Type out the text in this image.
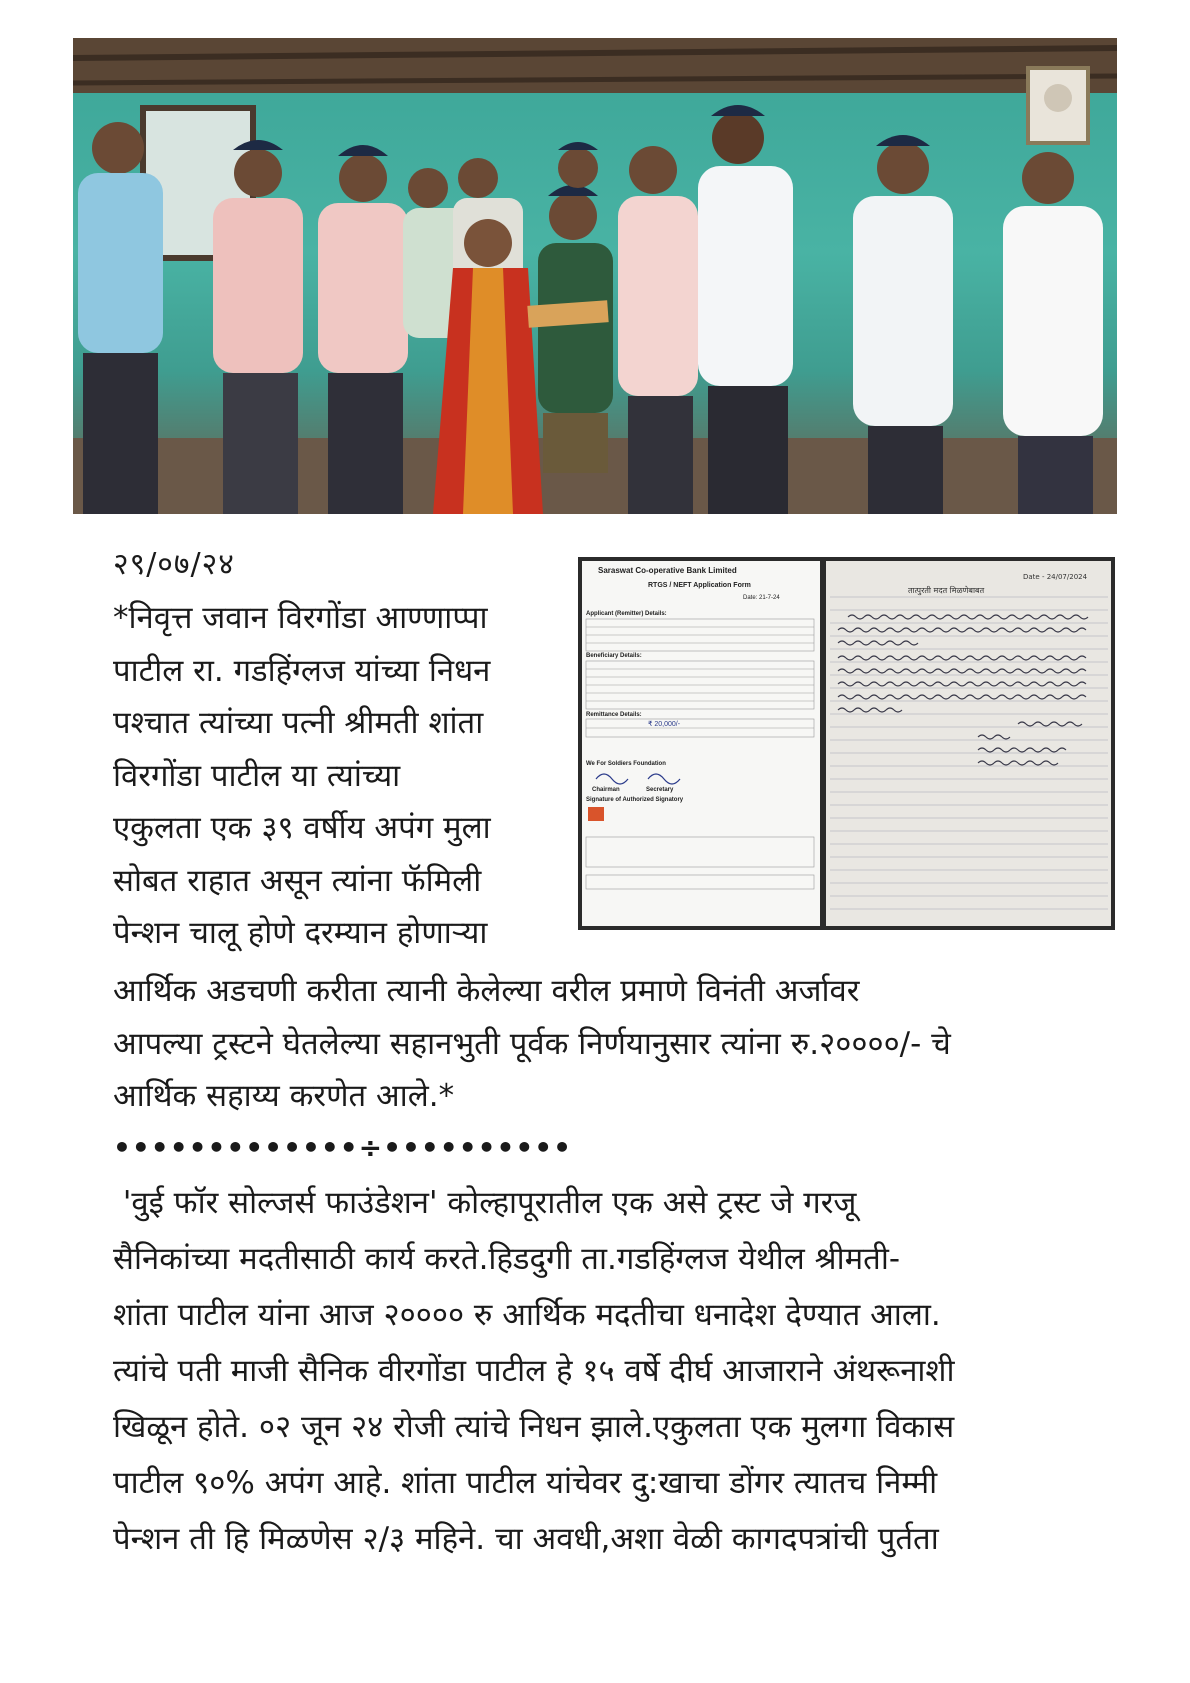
२९/०७/२४
*निवृत्त जवान विरगोंडा आण्णाप्पा
पाटील रा. गडहिंग्लज यांच्या निधन
पश्चात त्यांच्या पत्नी श्रीमती शांता
विरगोंडा पाटील या त्यांच्या
एकुलता एक ३९ वर्षीय अपंग मुला
सोबत राहात असून त्यांना फॅमिली
पेन्शन चालू होणे दरम्यान होणाऱ्या
Saraswat Co-operative Bank Limited
RTGS / NEFT Application Form
Date: 21-7-24
Applicant (Remitter) Details:
Beneficiary Details:
Remittance Details:
₹ 20,000/-
We For Soldiers Foundation
Chairman	Secretary
Signature of Authorized Signatory
Date - 24/07/2024
तात्पुरती मदत मिळणेबाबत
आर्थिक अडचणी करीता त्यानी केलेल्या वरील प्रमाणे विनंती अर्जावर
आपल्या ट्रस्टने घेतलेल्या सहानभुती पूर्वक निर्णयानुसार त्यांना रु.२००००/- चे
आर्थिक सहाय्य करणेत आले.*
•••••••••••••÷••••••••••
'वुई फॉर सोल्जर्स फाउंडेशन' कोल्हापूरातील एक असे ट्रस्ट जे गरजू
सैनिकांच्या मदतीसाठी कार्य करते.हिडदुगी ता.गडहिंग्लज येथील श्रीमती-
शांता पाटील यांना आज २०००० रु आर्थिक मदतीचा धनादेश देण्यात आला.
त्यांचे पती माजी सैनिक वीरगोंडा पाटील हे १५ वर्षे दीर्घ आजाराने अंथरूनाशी
खिळून होते. ०२ जून २४ रोजी त्यांचे निधन झाले.एकुलता एक मुलगा विकास
पाटील ९०% अपंग आहे. शांता पाटील यांचेवर दु:खाचा डोंगर त्यातच निम्मी
पेन्शन ती हि मिळणेस २/३ महिने. चा अवधी,अशा वेळी कागदपत्रांची पुर्तता
